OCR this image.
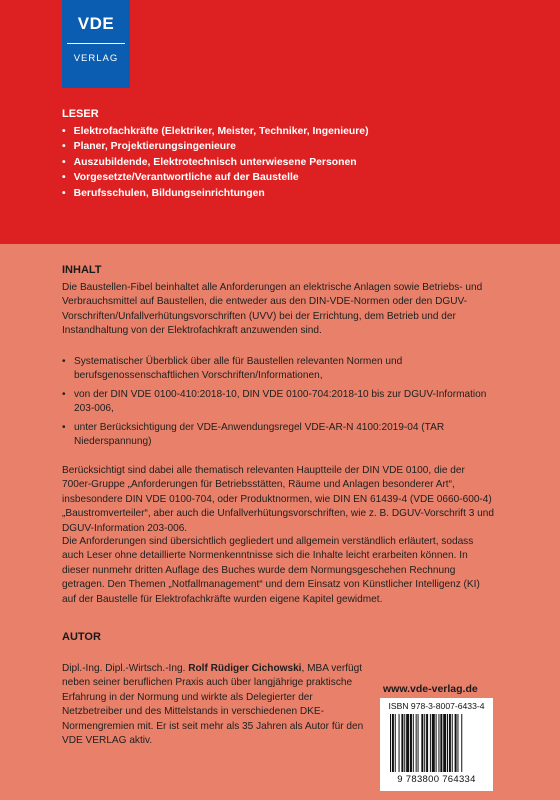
VDE
VERLAG
LESER
• Elektrofachkräfte (Elektriker, Meister, Techniker, Ingenieure)
• Planer, Projektierungsingenieure
• Auszubildende, Elektrotechnisch unterwiesene Personen
• Vorgesetzte/Verantwortliche auf der Baustelle
• Berufsschulen, Bildungseinrichtungen
INHALT

Die Baustellen-Fibel beinhaltet alle Anforderungen an elektrische Anlagen sowie Betriebs- und Verbrauchsmittel auf Baustellen, die entweder aus den DIN-VDE-Normen oder den DGUV-Vorschriften/Unfallverhütungsvorschriften (UVV) bei der Errichtung, dem Betrieb und der Instandhaltung von der Elektrofachkraft anzuwenden sind.

• Systematischer Überblick über alle für Baustellen relevanten Normen und berufsgenossenschaftlichen Vorschriften/Informationen,
• von der DIN VDE 0100-410:2018-10, DIN VDE 0100-704:2018-10 bis zur DGUV-Information 203-006,
• unter Berücksichtigung der VDE-Anwendungsregel VDE-AR-N 4100:2019-04 (TAR Niederspannung)

Berücksichtigt sind dabei alle thematisch relevanten Hauptteile der DIN VDE 0100, die der 700er-Gruppe „Anforderungen für Betriebsstätten, Räume und Anlagen besonderer Art“, insbesondere DIN VDE 0100-704, oder Produktnormen, wie DIN EN 61439-4 (VDE 0660-600-4) „Baustromverteiler“, aber auch die Unfallverhütungsvorschriften, wie z. B. DGUV-Vorschrift 3 und DGUV-Information 203-006.

Die Anforderungen sind übersichtlich gegliedert und allgemein verständlich erläutert, sodass auch Leser ohne detaillierte Normenkenntnisse sich die Inhalte leicht erarbeiten können. In dieser nunmehr dritten Auflage des Buches wurde dem Normungsgeschehen Rechnung getragen. Den Themen „Notfallmanagement“ und dem Einsatz von Künstlicher Intelligenz (KI) auf der Baustelle für Elektrofachkräfte wurden eigene Kapitel gewidmet.

AUTOR

Dipl.-Ing. Dipl.-Wirtsch.-Ing. Rolf Rüdiger Cichowski, MBA verfügt neben seiner beruflichen Praxis auch über langjährige praktische Erfahrung in der Normung und wirkte als Delegierter der Netzbetreiber und des Mittelstands in verschiedenen DKE-Normengremien mit. Er ist seit mehr als 35 Jahren als Autor für den VDE VERLAG aktiv.

www.vde-verlag.de
ISBN 978-3-8007-6433-4
9 783800 764334
